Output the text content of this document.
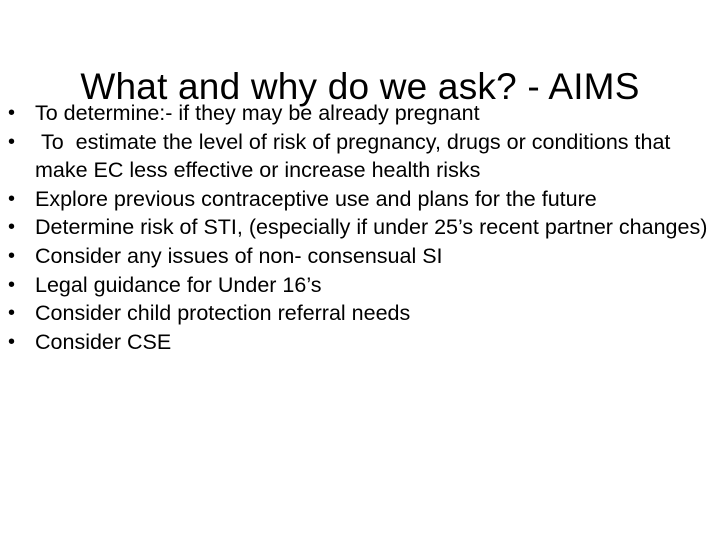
What and why do we ask? - AIMS
• To determine:- if they may be already pregnant
• To  estimate the level of risk of pregnancy, drugs or conditions that make EC less effective or increase health risks
• Explore previous contraceptive use and plans for the future
• Determine risk of STI, (especially if under 25’s recent partner changes)
• Consider any issues of non- consensual SI
• Legal guidance for Under 16’s
• Consider child protection referral needs
• Consider CSE
